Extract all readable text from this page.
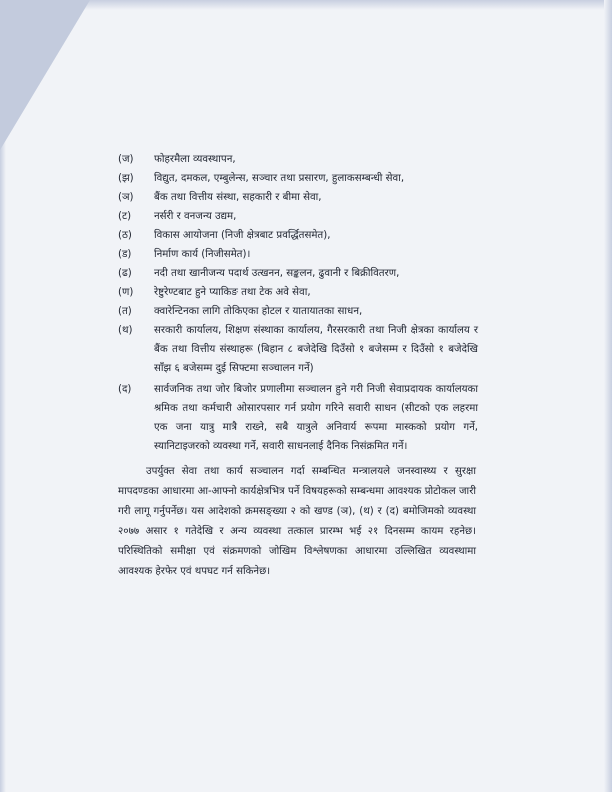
(ज)	फोहरमैला व्यवस्थापन,
(झ)	विद्युत, दमकल, एम्बुलेन्स, सञ्चार तथा प्रसारण, हुलाकसम्बन्धी सेवा,
(ञ)	बैंक तथा वित्तीय संस्था, सहकारी र बीमा सेवा,
(ट)	नर्सरी र वनजन्य उद्यम,
(ठ)	विकास आयोजना (निजी क्षेत्रबाट प्रवर्द्धितसमेत),
(ड)	निर्माण कार्य (निजीसमेत)।
(ढ)	नदी तथा खानीजन्य पदार्थ उत्खनन, सङ्कलन, ढुवानी र बिक्रीवितरण,
(ण)	रेष्टुरेण्टबाट हुने प्याकिङ तथा टेक अवे सेवा,
(त)	क्वारेन्टिनका लागि तोकिएका होटल र यातायातका साधन,
(थ)	सरकारी कार्यालय, शिक्षण संस्थाका कार्यालय, गैरसरकारी तथा निजी क्षेत्रका कार्यालय र बैंक तथा वित्तीय संस्थाहरू (बिहान ८ बजेदेखि दिउँसो १ बजेसम्म र दिउँसो १ बजेदेखि साँझ ६ बजेसम्म दुई सिफ्टमा सञ्चालन गर्ने)
(द)	सार्वजनिक तथा जोर बिजोर प्रणालीमा सञ्चालन हुने गरी निजी सेवाप्रदायक कार्यालयका श्रमिक तथा कर्मचारी ओसारपसार गर्न प्रयोग गरिने सवारी साधन (सीटको एक लहरमा एक जना यात्रु मात्रै राख्ने, सबै यात्रुले अनिवार्य रूपमा मास्कको प्रयोग गर्ने, स्यानिटाइजरको व्यवस्था गर्ने, सवारी साधनलाई दैनिक निसंक्रमित गर्ने।
उपर्युक्त सेवा तथा कार्य सञ्चालन गर्दा सम्बन्धित मन्त्रालयले जनस्वास्थ्य र सुरक्षा मापदण्डका आधारमा आ-आफ्नो कार्यक्षेत्रभित्र पर्ने विषयहरूको सम्बन्धमा आवश्यक प्रोटोकल जारी गरी लागू गर्नुपर्नेछ। यस आदेशको क्रमसङ्ख्या २ को खण्ड (ञ), (थ) र (द) बमोजिमको व्यवस्था २०७७ असार १ गतेदेखि र अन्य व्यवस्था तत्काल प्रारम्भ भई २१ दिनसम्म कायम रहनेछ। परिस्थितिको समीक्षा एवं संक्रमणको जोखिम विश्लेषणका आधारमा उल्लिखित व्यवस्थामा आवश्यक हेरफेर एवं थपघट गर्न सकिनेछ।
